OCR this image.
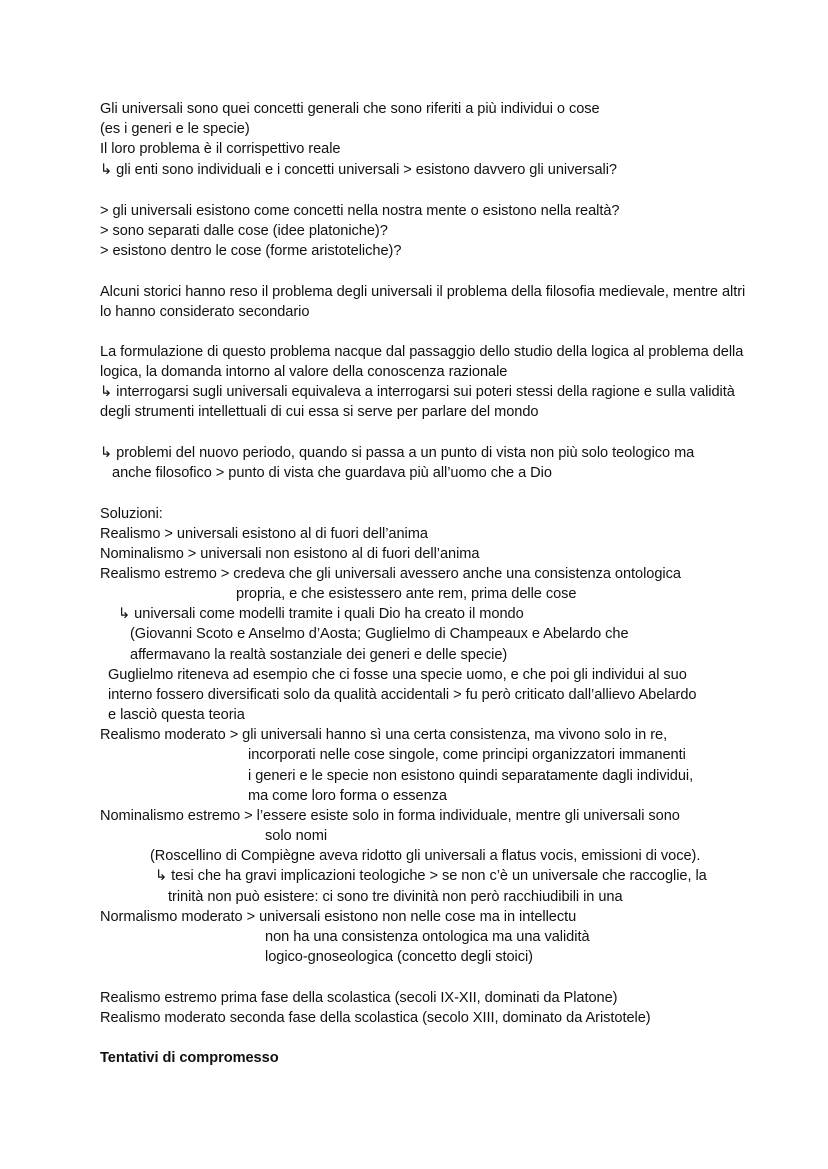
Gli universali sono quei concetti generali che sono riferiti a più individui o cose
(es i generi e le specie)
Il loro problema è il corrispettivo reale
↳ gli enti sono individuali e i concetti universali > esistono davvero gli universali?
> gli universali esistono come concetti nella nostra mente o esistono nella realtà?
> sono separati dalle cose (idee platoniche)?
> esistono dentro le cose (forme aristoteliche)?
Alcuni storici hanno reso il problema degli universali il problema della filosofia medievale, mentre altri
lo hanno considerato secondario
La formulazione di questo problema nacque dal passaggio dello studio della logica al problema della
logica, la domanda intorno al valore della conoscenza razionale
↳ interrogarsi sugli universali equivaleva a interrogarsi sui poteri stessi della ragione e sulla validità
degli strumenti intellettuali di cui essa si serve per parlare del mondo
↳ problemi del nuovo periodo, quando si passa a un punto di vista non più solo teologico ma
anche filosofico > punto di vista che guardava più all’uomo che a Dio
Soluzioni:
Realismo > universali esistono al di fuori dell’anima
Nominalismo > universali non esistono al di fuori dell’anima
Realismo estremo > credeva che gli universali avessero anche una consistenza ontologica
propria, e che esistessero ante rem, prima delle cose
↳ universali come modelli tramite i quali Dio ha creato il mondo
(Giovanni Scoto e Anselmo d’Aosta; Guglielmo di Champeaux e Abelardo che
affermavano la realtà sostanziale dei generi e delle specie)
Guglielmo riteneva ad esempio che ci fosse una specie uomo, e che poi gli individui al suo
interno fossero diversificati solo da qualità accidentali > fu però criticato dall’allievo Abelardo
e lasciò questa teoria
Realismo moderato > gli universali hanno sì una certa consistenza, ma vivono solo in re,
incorporati nelle cose singole, come principi organizzatori immanenti
i generi e le specie non esistono quindi separatamente dagli individui,
ma come loro forma o essenza
Nominalismo estremo > l’essere esiste solo in forma individuale, mentre gli universali sono
solo nomi
(Roscellino di Compiègne aveva ridotto gli universali a flatus vocis, emissioni di voce).
↳ tesi che ha gravi implicazioni teologiche > se non c’è un universale che raccoglie, la
trinità non può esistere: ci sono tre divinità non però racchiudibili in una
Normalismo moderato > universali esistono non nelle cose ma in intellectu
non ha una consistenza ontologica ma una validità
logico-gnoseologica (concetto degli stoici)
Realismo estremo prima fase della scolastica (secoli IX-XII, dominati da Platone)
Realismo moderato seconda fase della scolastica (secolo XIII, dominato da Aristotele)
Tentativi di compromesso
